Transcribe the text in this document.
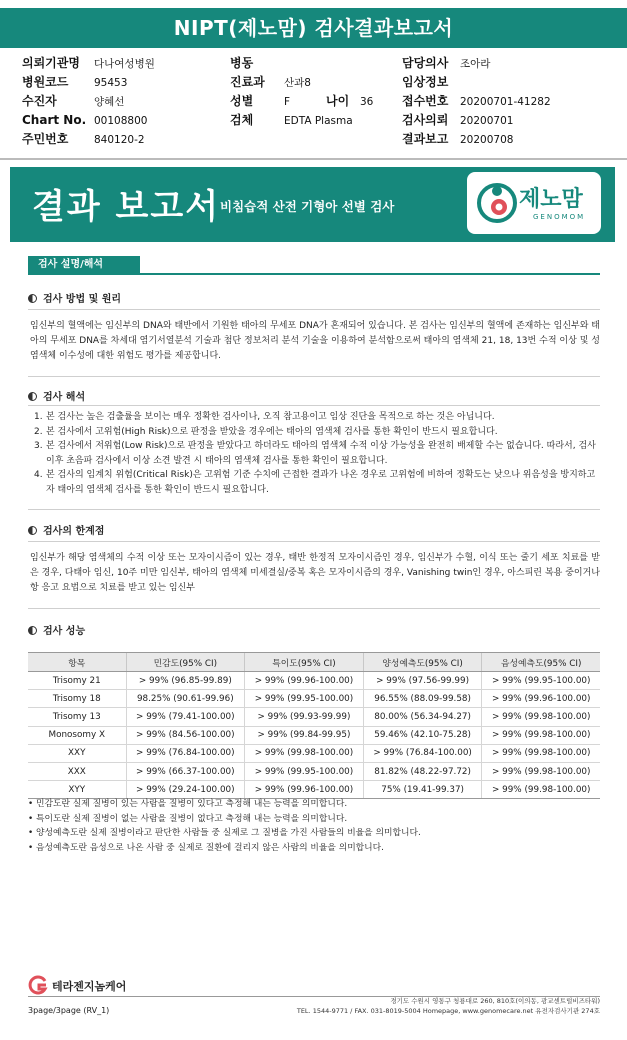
NIPT(제노맘) 검사결과보고서
의뢰기관명 다나여성병원
병원코드 95453
수진자	양혜선
Chart No. 00108800
주민번호 840120-2
병동
진료과 산과8
성별	F	나이 36
검체	EDTA Plasma
담당의사 조아라
임상정보
접수번호 20200701-41282
검사의뢰 20200701
결과보고 20200708
결과 보고서 비침습적 산전 기형아 선별 검사	제노맘
GENOMOM
검사 설명/해석
검사 방법 및 원리
임신부의 혈액에는 임신부의 DNA와 태반에서 기원한 태아의 무세포 DNA가 혼재되어 있습니다. 본 검사는 임신부의 혈액에 존재하는 임신부와 태아의 무세포 DNA를 차세대 염기서열분석 기술과 첨단 정보처리 분석 기술을 이용하여 분석함으로써 태아의 염색체 21, 18, 13번 수적 이상 및 성염색체 이수성에 대한 위험도 평가를 제공합니다.
검사 해석
1. 본 검사는 높은 검출률을 보이는 매우 정확한 검사이나, 오직 참고용이고 임상 진단을 목적으로 하는 것은 아닙니다.
2. 본 검사에서 고위험(High Risk)으로 판정을 받았을 경우에는 태아의 염색체 검사를 통한 확인이 반드시 필요합니다.
3. 본 검사에서 저위험(Low Risk)으로 판정을 받았다고 하더라도 태아의 염색체 수적 이상 가능성을 완전히 배제할 수는 없습니다. 따라서, 검사 이후 초음파 검사에서 이상 소견 발견 시 태아의 염색체 검사를 통한 확인이 필요합니다.
4. 본 검사의 임계치 위험(Critical Risk)은 고위험 기준 수치에 근접한 결과가 나온 경우로 고위험에 비하여 정확도는 낮으나 위음성을 방지하고자 태아의 염색체 검사를 통한 확인이 반드시 필요합니다.
검사의 한계점
임신부가 해당 염색체의 수적 이상 또는 모자이시즘이 있는 경우, 태반 한정적 모자이시즘인 경우, 임신부가 수혈, 이식 또는 줄기 세포 치료를 받은 경우, 다태아 임신, 10주 미만 임신부, 태아의 염색체 미세결실/중복 혹은 모자이시즘의 경우, Vanishing twin인 경우, 아스피린 복용 중이거나 항 응고 요법으로 치료를 받고 있는 임신부
검사 성능
항목	민감도(95% CI)	특이도(95% CI)	양성예측도(95% CI)	음성예측도(95% CI)
Trisomy 21	> 99% (96.85-99.89)	> 99% (99.96-100.00)	> 99% (97.56-99.99)	> 99% (99.95-100.00)
Trisomy 18	98.25% (90.61-99.96)	> 99% (99.95-100.00)	96.55% (88.09-99.58)	> 99% (99.96-100.00)
Trisomy 13	> 99% (79.41-100.00)	> 99% (99.93-99.99)	80.00% (56.34-94.27)	> 99% (99.98-100.00)
Monosomy X	> 99% (84.56-100.00)	> 99% (99.84-99.95)	59.46% (42.10-75.28)	> 99% (99.98-100.00)
XXY	> 99% (76.84-100.00)	> 99% (99.98-100.00)	> 99% (76.84-100.00)	> 99% (99.98-100.00)
XXX	> 99% (66.37-100.00)	> 99% (99.95-100.00)	81.82% (48.22-97.72)	> 99% (99.98-100.00)
XYY	> 99% (29.24-100.00)	> 99% (99.96-100.00)	75% (19.41-99.37)	> 99% (99.98-100.00)
• 민감도란 실제 질병이 있는 사람을 질병이 있다고 측정해 내는 능력을 의미합니다.
• 특이도란 실제 질병이 없는 사람을 질병이 없다고 측정해 내는 능력을 의미합니다.
• 양성예측도란 실제 질병이라고 판단한 사람들 중 실제로 그 질병을 가진 사람들의 비율을 의미합니다.
• 음성예측도란 음성으로 나온 사람 중 실제로 질환에 걸리지 않은 사람의 비율을 의미합니다.
테라젠지놈케어
경기도 수원시 영통구 청룡대로 260, 810호(이의동, 광교센트럴비즈타워)
TEL. 1544-9771 / FAX. 031-8019-5004 Homepage, www.genomecare.net 유전자검사기관 274호
3page/3page (RV_1)
